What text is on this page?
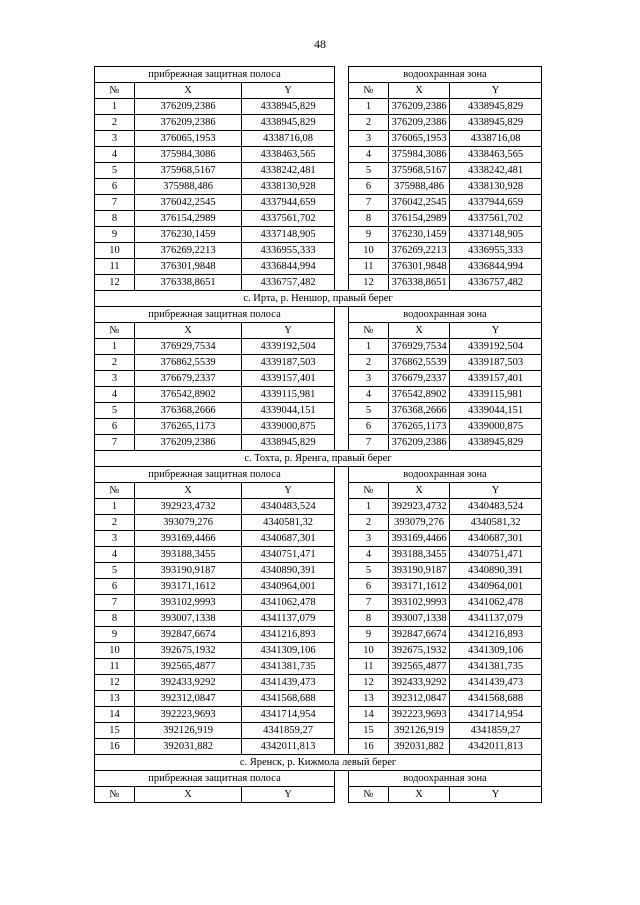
48
прибрежная защитная полоса				водоохранная зона		
№	X	Y		№	X	Y
1	376209,2386	4338945,829		1	376209,2386	4338945,829
2	376209,2386	4338945,829		2	376209,2386	4338945,829
3	376065,1953	4338716,08		3	376065,1953	4338716,08
4	375984,3086	4338463,565		4	375984,3086	4338463,565
5	375968,5167	4338242,481		5	375968,5167	4338242,481
6	375988,486	4338130,928		6	375988,486	4338130,928
7	376042,2545	4337944,659		7	376042,2545	4337944,659
8	376154,2989	4337561,702		8	376154,2989	4337561,702
9	376230,1459	4337148,905		9	376230,1459	4337148,905
10	376269,2213	4336955,333		10	376269,2213	4336955,333
11	376301,9848	4336844,994		11	376301,9848	4336844,994
12	376338,8651	4336757,482		12	376338,8651	4336757,482
с. Ирта, р. Неншор, правый берег						
прибрежная защитная полоса				водоохранная зона		
№	X	Y		№	X	Y
1	376929,7534	4339192,504		1	376929,7534	4339192,504
2	376862,5539	4339187,503		2	376862,5539	4339187,503
3	376679,2337	4339157,401		3	376679,2337	4339157,401
4	376542,8902	4339115,981		4	376542,8902	4339115,981
5	376368,2666	4339044,151		5	376368,2666	4339044,151
6	376265,1173	4339000,875		6	376265,1173	4339000,875
7	376209,2386	4338945,829		7	376209,2386	4338945,829
с. Тохта, р. Яренга, правый берег						
прибрежная защитная полоса				водоохранная зона		
№	X	Y		№	X	Y
1	392923,4732	4340483,524		1	392923,4732	4340483,524
2	393079,276	4340581,32		2	393079,276	4340581,32
3	393169,4466	4340687,301		3	393169,4466	4340687,301
4	393188,3455	4340751,471		4	393188,3455	4340751,471
5	393190,9187	4340890,391		5	393190,9187	4340890,391
6	393171,1612	4340964,001		6	393171,1612	4340964,001
7	393102,9993	4341062,478		7	393102,9993	4341062,478
8	393007,1338	4341137,079		8	393007,1338	4341137,079
9	392847,6674	4341216,893		9	392847,6674	4341216,893
10	392675,1932	4341309,106		10	392675,1932	4341309,106
11	392565,4877	4341381,735		11	392565,4877	4341381,735
12	392433,9292	4341439,473		12	392433,9292	4341439,473
13	392312,0847	4341568,688		13	392312,0847	4341568,688
14	392223,9693	4341714,954		14	392223,9693	4341714,954
15	392126,919	4341859,27		15	392126,919	4341859,27
16	392031,882	4342011,813		16	392031,882	4342011,813
с. Яренск, р. Кижмола левый берег						
прибрежная защитная полоса				водоохранная зона		
№	X	Y		№	X	Y
